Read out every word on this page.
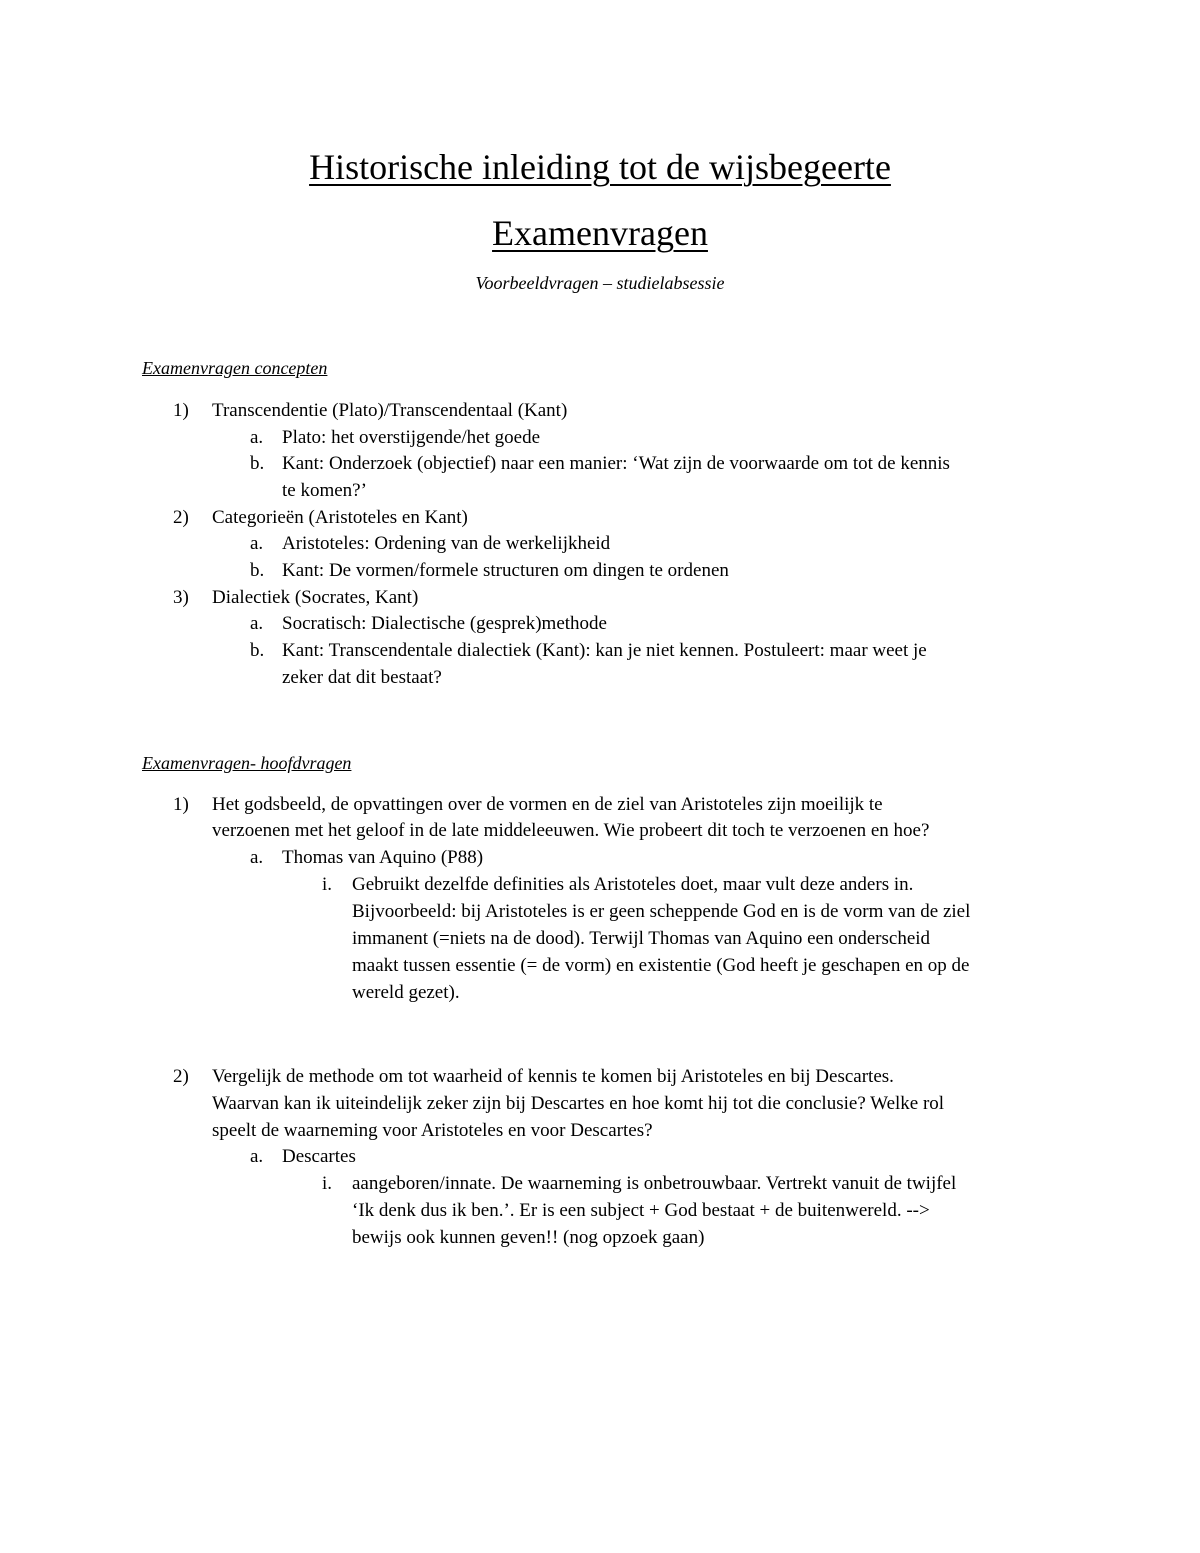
Historische inleiding tot de wijsbegeerte
Examenvragen
Voorbeeldvragen – studielabsessie
Examenvragen concepten
1) Transcendentie (Plato)/Transcendentaal (Kant)
a. Plato: het overstijgende/het goede
b. Kant: Onderzoek (objectief) naar een manier: ‘Wat zijn de voorwaarde om tot de kennis
te komen?’
2) Categorieën (Aristoteles en Kant)
a. Aristoteles: Ordening van de werkelijkheid
b. Kant: De vormen/formele structuren om dingen te ordenen
3) Dialectiek (Socrates, Kant)
a. Socratisch: Dialectische (gesprek)methode
b. Kant: Transcendentale dialectiek (Kant): kan je niet kennen. Postuleert: maar weet je
zeker dat dit bestaat?
Examenvragen- hoofdvragen
1) Het godsbeeld, de opvattingen over de vormen en de ziel van Aristoteles zijn moeilijk te
verzoenen met het geloof in de late middeleeuwen. Wie probeert dit toch te verzoenen en hoe?
a. Thomas van Aquino (P88)
i. Gebruikt dezelfde definities als Aristoteles doet, maar vult deze anders in.
Bijvoorbeeld: bij Aristoteles is er geen scheppende God en is de vorm van de ziel
immanent (=niets na de dood). Terwijl Thomas van Aquino een onderscheid
maakt tussen essentie (= de vorm) en existentie (God heeft je geschapen en op de
wereld gezet).
2) Vergelijk de methode om tot waarheid of kennis te komen bij Aristoteles en bij Descartes.
Waarvan kan ik uiteindelijk zeker zijn bij Descartes en hoe komt hij tot die conclusie? Welke rol
speelt de waarneming voor Aristoteles en voor Descartes?
a. Descartes
i. aangeboren/innate. De waarneming is onbetrouwbaar. Vertrekt vanuit de twijfel
‘Ik denk dus ik ben.’. Er is een subject + God bestaat + de buitenwereld. -->
bewijs ook kunnen geven!! (nog opzoek gaan)
